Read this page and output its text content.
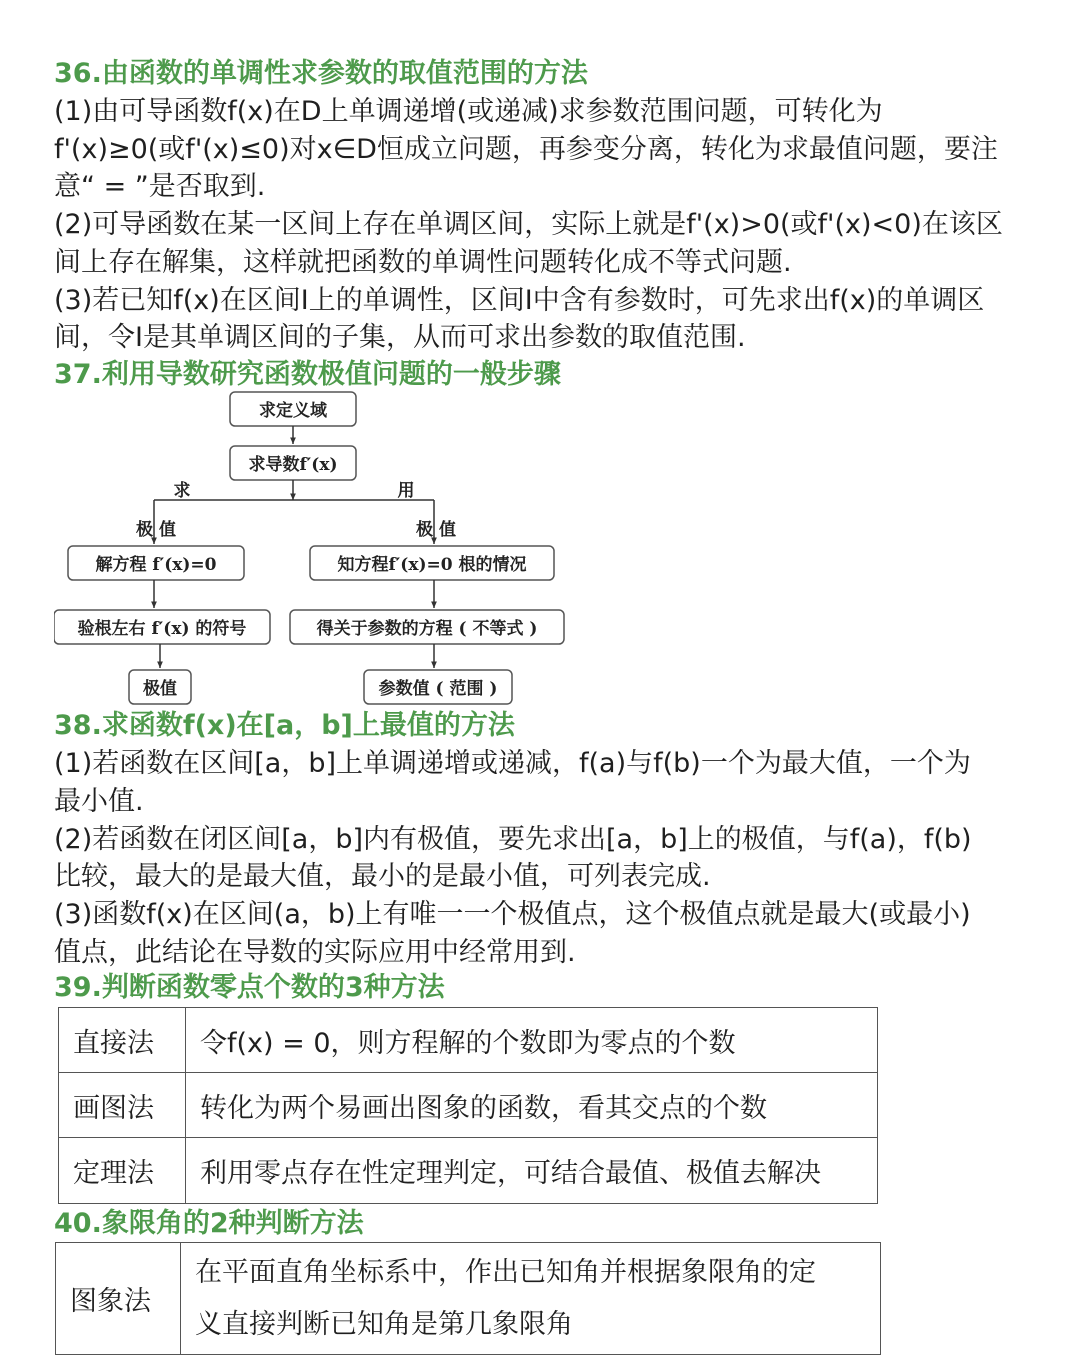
36.由函数的单调性求参数的取值范围的方法

(1)由可导函数f(x)在D上单调递增(或递减)求参数范围问题，可转化为

f'(x)≥0(或f'(x)≤0)对x∈D恒成立问题，再参变分离，转化为求最值问题，要注

意“ = ”是否取到.

(2)可导函数在某一区间上存在单调区间，实际上就是f'(x)>0(或f'(x)<0)在该区

间上存在解集，这样就把函数的单调性问题转化成不等式问题.

(3)若已知f(x)在区间I上的单调性，区间I中含有参数时，可先求出f(x)的单调区

间，令I是其单调区间的子集，从而可求出参数的取值范围.

37.利用导数研究函数极值问题的一般步骤
求定义域
求导数f′(x)
求	用
极 值	极 值
解方程 f′(x)=0	知方程f′(x)=0 根的情况
验根左右 f′(x) 的符号	得关于参数的方程 ( 不等式 )
极值	参数值 ( 范围 )
38.求函数f(x)在[a，b]上最值的方法

(1)若函数在区间[a，b]上单调递增或递减，f(a)与f(b)一个为最大值，一个为

最小值.

(2)若函数在闭区间[a，b]内有极值，要先求出[a，b]上的极值，与f(a)，f(b)

比较，最大的是最大值，最小的是最小值，可列表完成.

(3)函数f(x)在区间(a，b)上有唯一一个极值点，这个极值点就是最大(或最小)

值点，此结论在导数的实际应用中经常用到.

39.判断函数零点个数的3种方法
直接法	令f(x) = 0，则方程解的个数即为零点的个数
画图法	转化为两个易画出图象的函数，看其交点的个数
定理法	利用零点存在性定理判定，可结合最值、极值去解决
40.象限角的2种判断方法
图象法	
在平面直角坐标系中，作出已知角并根据象限角的定
义直接判断已知角是第几象限角
